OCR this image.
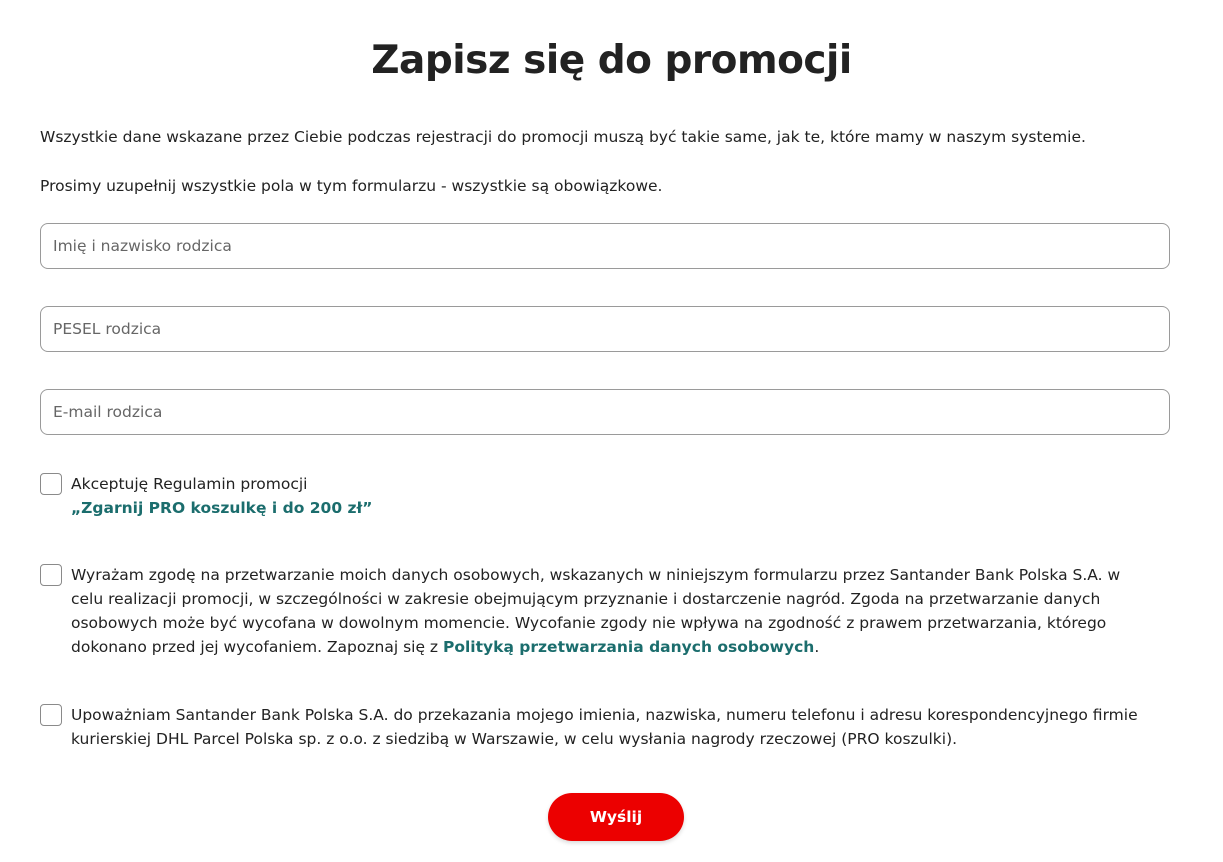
Zapisz się do promocji

Wszystkie dane wskazane przez Ciebie podczas rejestracji do promocji muszą być takie same, jak te, które mamy w naszym systemie.

Prosimy uzupełnij wszystkie pola w tym formularzu - wszystkie są obowiązkowe.

Imię i nazwisko rodzica
PESEL rodzica
E-mail rodzica
Akceptuję Regulamin promocji
„Zgarnij PRO koszulkę i do 200 zł”
Wyrażam zgodę na przetwarzanie moich danych osobowych, wskazanych w niniejszym formularzu przez Santander Bank Polska S.A. w celu realizacji promocji, w szczególności w zakresie obejmującym przyznanie i dostarczenie nagród. Zgoda na przetwarzanie danych osobowych może być wycofana w dowolnym momencie. Wycofanie zgody nie wpływa na zgodność z prawem przetwarzania, którego dokonano przed jej wycofaniem. Zapoznaj się z Polityką przetwarzania danych osobowych.
Upoważniam Santander Bank Polska S.A. do przekazania mojego imienia, nazwiska, numeru telefonu i adresu korespondencyjnego firmie kurierskiej DHL Parcel Polska sp. z o.o. z siedzibą w Warszawie, w celu wysłania nagrody rzeczowej (PRO koszulki).
Wyślij
